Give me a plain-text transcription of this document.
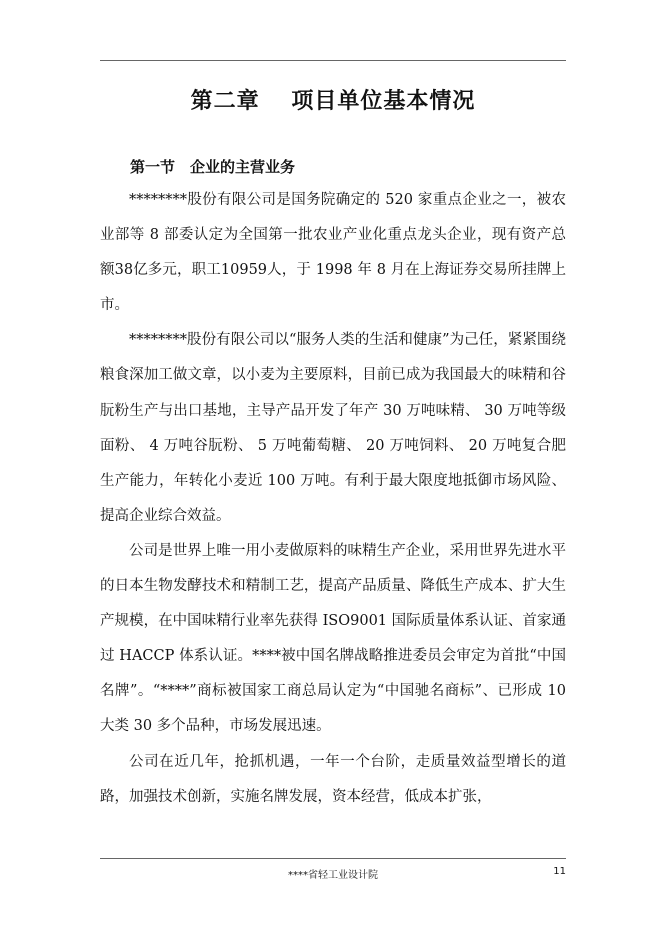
第二章　 项目单位基本情况
第一节　企业的主营业务

********股份有限公司是国务院确定的 520 家重点企业之一，被农业部等 8 部委认定为全国第一批农业产业化重点龙头企业，现有资产总额38亿多元，职工10959人，于 1998 年 8 月在上海证券交易所挂牌上市。

********股份有限公司以“服务人类的生活和健康”为己任，紧紧围绕粮食深加工做文章，以小麦为主要原料，目前已成为我国最大的味精和谷朊粉生产与出口基地，主导产品开发了年产 30 万吨味精、 30 万吨等级面粉、 4 万吨谷朊粉、 5 万吨葡萄糖、 20 万吨饲料、 20 万吨复合肥生产能力，年转化小麦近 100 万吨。有利于最大限度地抵御市场风险、提高企业综合效益。

公司是世界上唯一用小麦做原料的味精生产企业，采用世界先进水平的日本生物发酵技术和精制工艺，提高产品质量、降低生产成本、扩大生产规模，在中国味精行业率先获得 ISO9001 国际质量体系认证、首家通过 HACCP 体系认证。****被中国名牌战略推进委员会审定为首批“中国名牌”。“****”商标被国家工商总局认定为“中国驰名商标”、已形成 10 大类 30 多个品种，市场发展迅速。

公司在近几年，抢抓机遇，一年一个台阶，走质量效益型增长的道路，加强技术创新，实施名牌发展，资本经营，低成本扩张，

****省轻工业设计院	11
